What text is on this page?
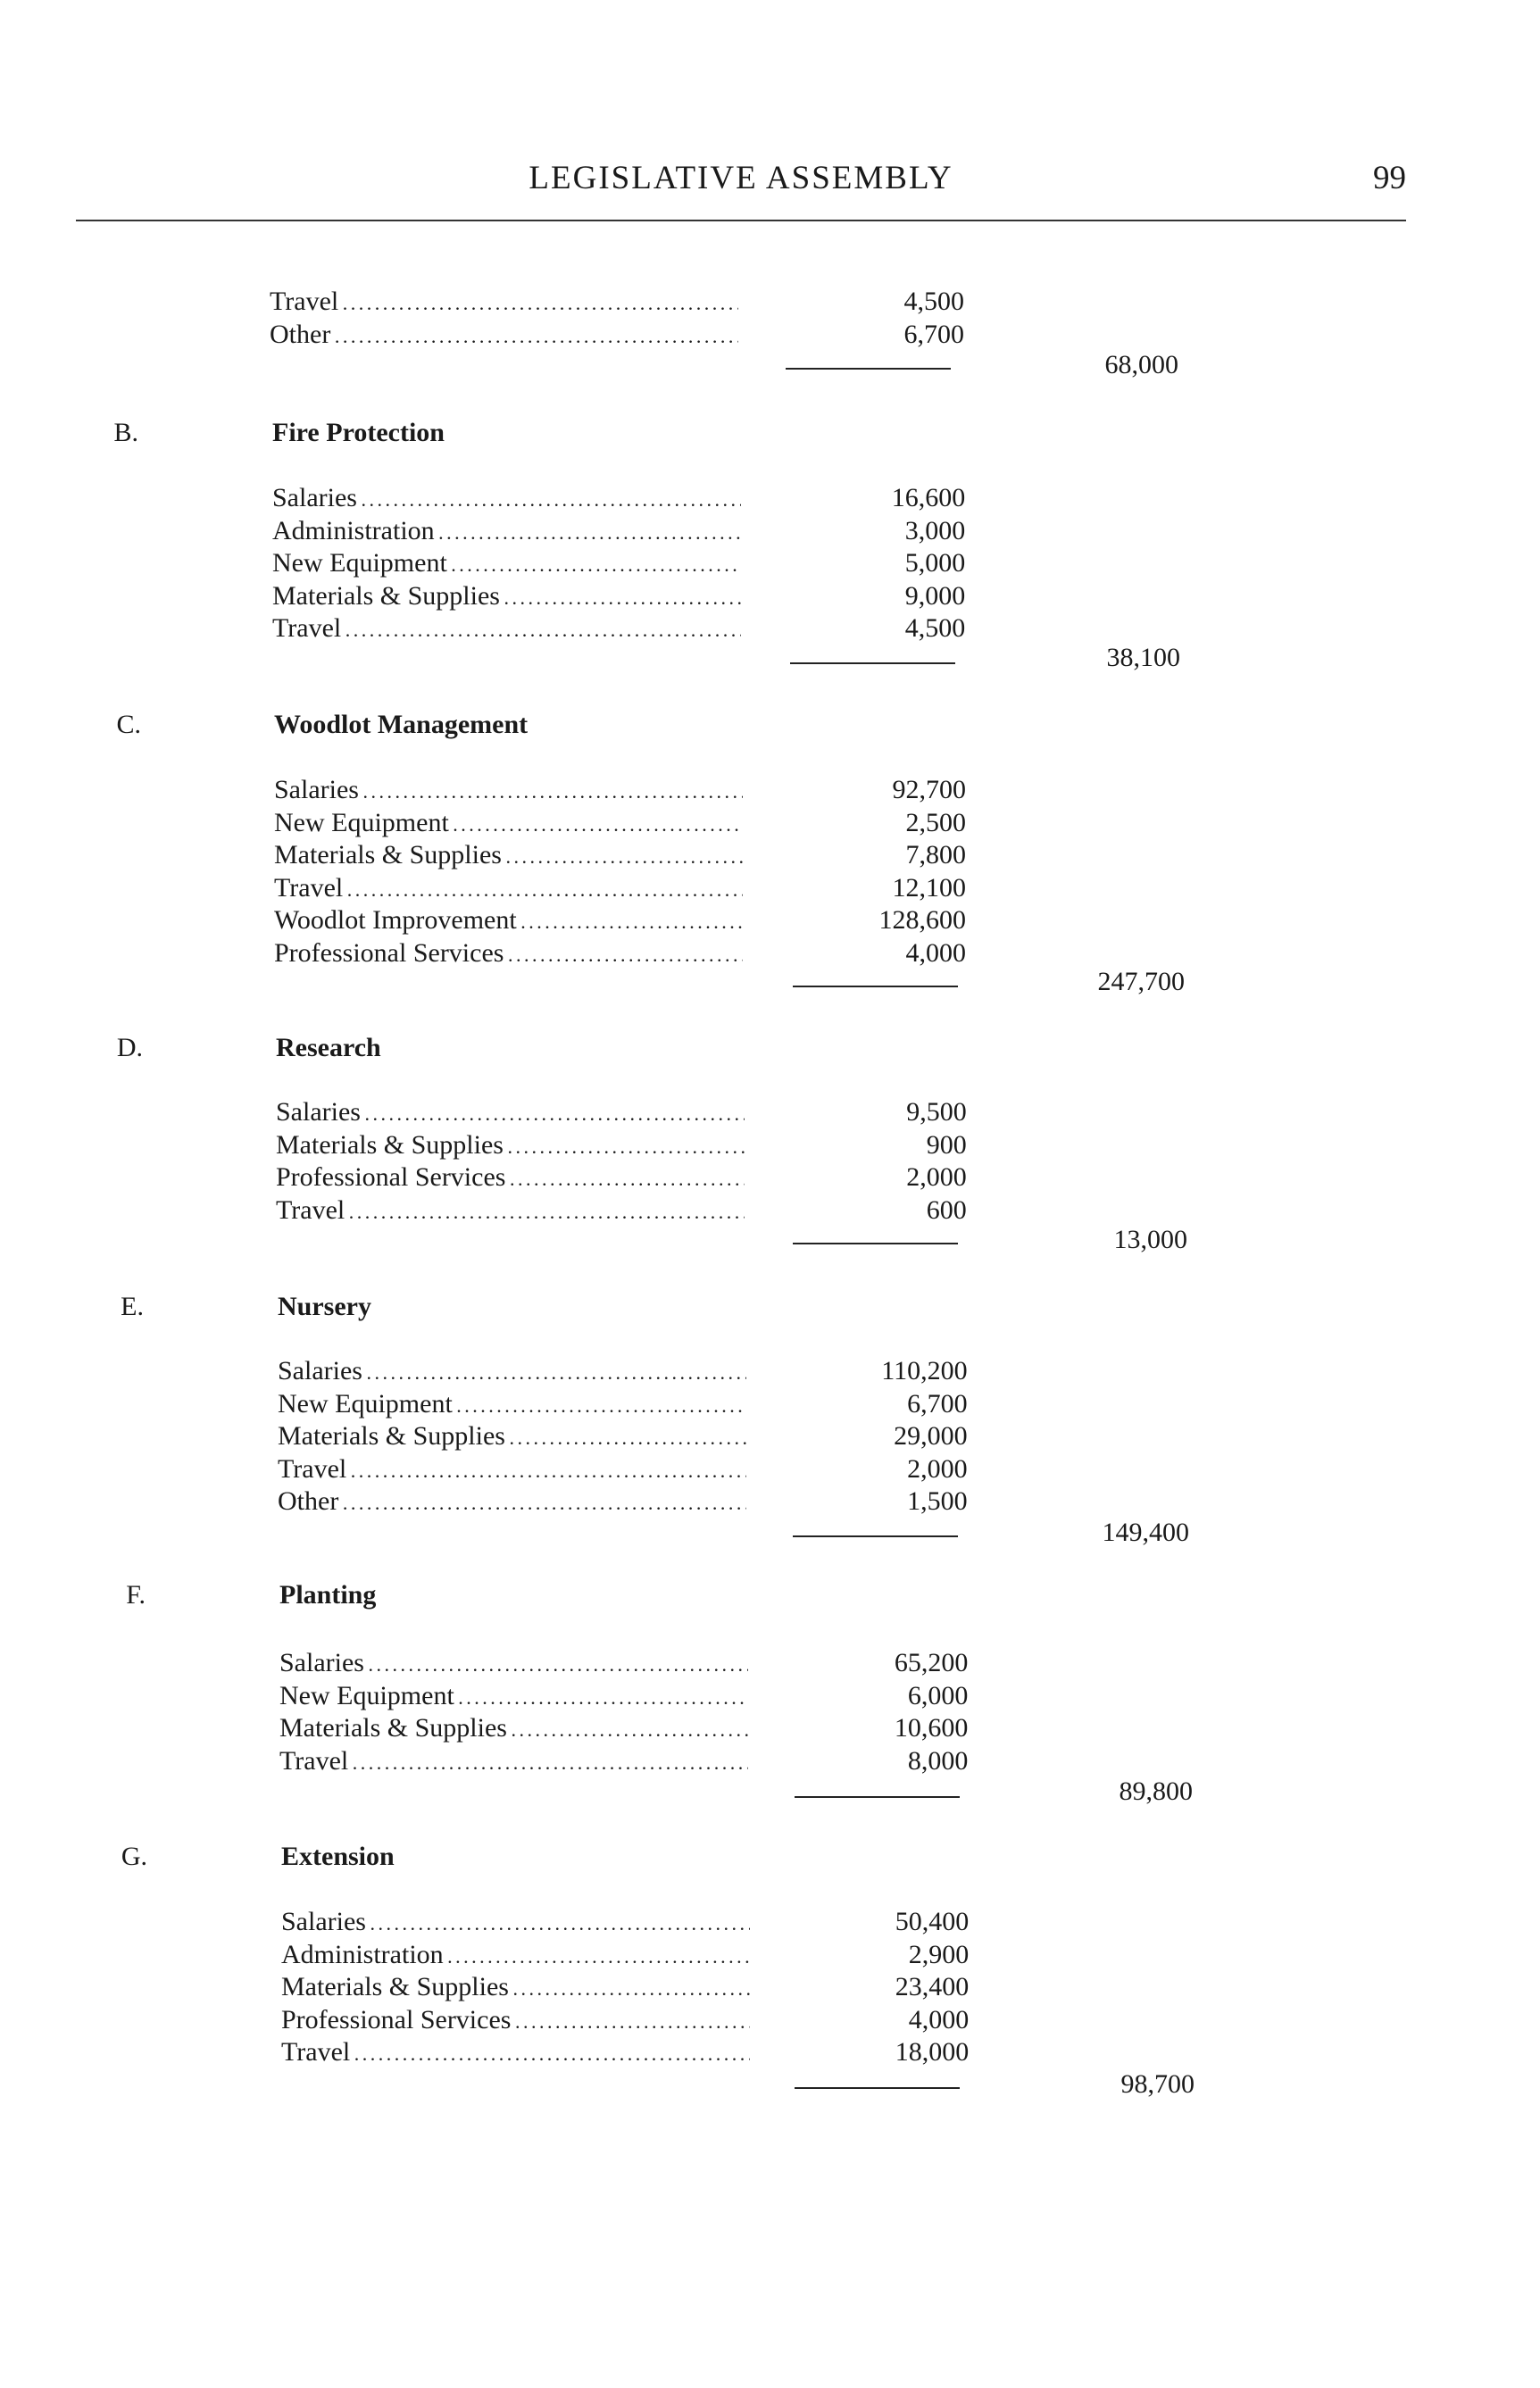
LEGISLATIVE ASSEMBLY	99
Travel . . .	4,500
Other . . .	6,700
68,000
B.	Fire Protection
Salaries . . .	16,600
Administration . . .	3,000
New Equipment . . .	5,000
Materials & Supplies . . .	9,000
Travel . . .	4,500
38,100
C.	Woodlot Management
Salaries . . .	92,700
New Equipment . . .	2,500
Materials & Supplies . . .	7,800
Travel . . .	12,100
Woodlot Improvement . . .	128,600
Professional Services . . .	4,000
247,700
D.	Research
Salaries . . .	9,500
Materials & Supplies . . .	900
Professional Services . . .	2,000
Travel . . .	600
13,000
E.	Nursery
Salaries . . .	110,200
New Equipment . . .	6,700
Materials & Supplies . . .	29,000
Travel . . .	2,000
Other . . .	1,500
149,400
F.	Planting
Salaries . . .	65,200
New Equipment . . .	6,000
Materials & Supplies . . .	10,600
Travel . . .	8,000
89,800
G.	Extension
Salaries . . .	50,400
Administration . . .	2,900
Materials & Supplies . . .	23,400
Professional Services . . .	4,000
Travel . . .	18,000
98,700
